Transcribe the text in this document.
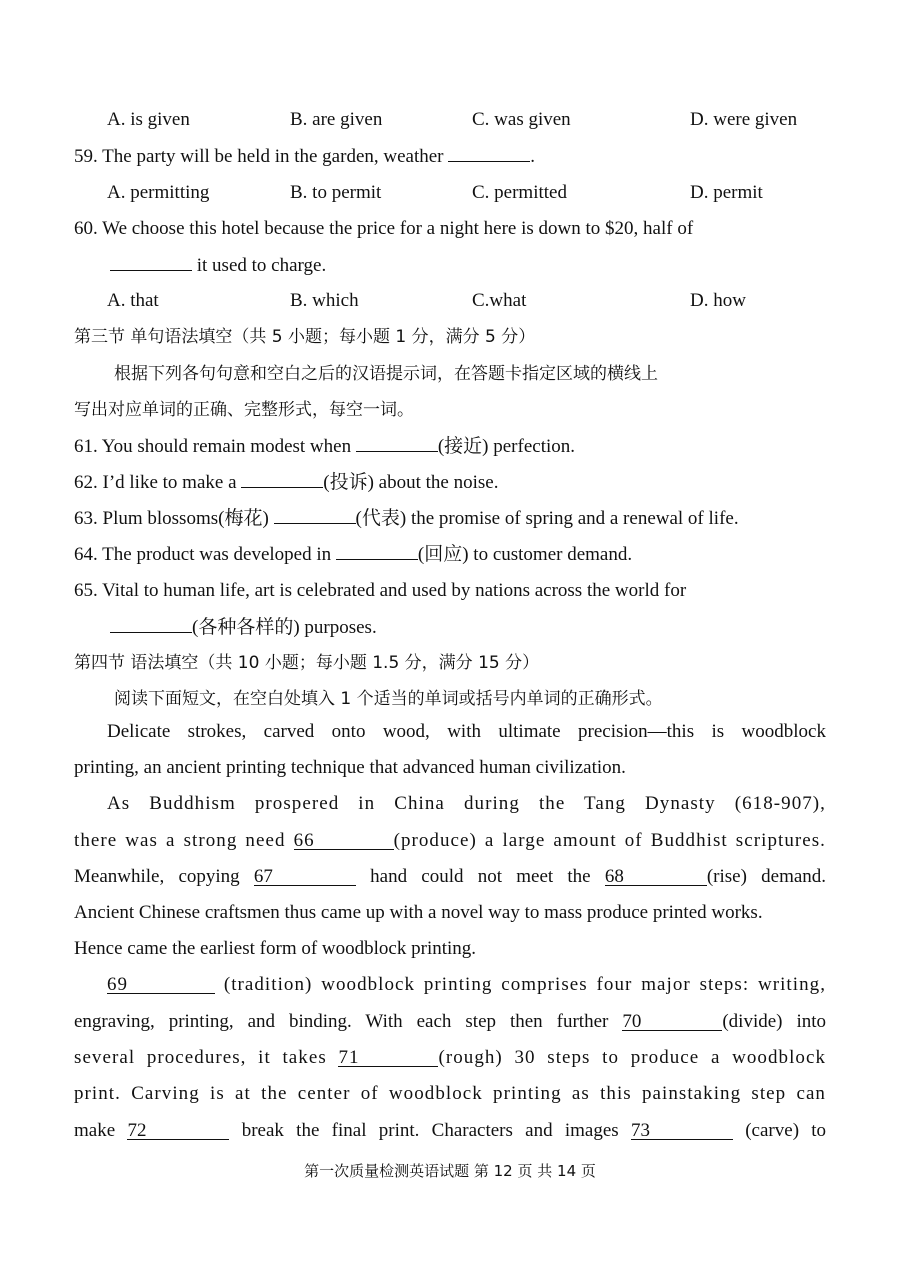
A. is given	B. are given	C. was given	D. were given
59. The party will be held in the garden, weather	.
A. permitting	B. to permit	C. permitted	D. permit
60. We choose this hotel because the price for a night here is down to $20, half of
it used to charge.
A. that	B. which	C.what	D. how
第三节 单句语法填空（共 5 小题；每小题 1 分，满分 5 分）
根据下列各句句意和空白之后的汉语提示词，在答题卡指定区域的横线上
写出对应单词的正确、完整形式，每空一词。
61. You should remain modest when	(接近) perfection.
62. I’d like to make a	(投诉) about the noise.
63. Plum blossoms(梅花)	(代表) the promise of spring and a renewal of life.
64. The product was developed in	(回应) to customer demand.
65. Vital to human life, art is celebrated and used by nations across the world for
(各种各样的) purposes.
第四节 语法填空（共 10 小题；每小题 1.5 分，满分 15 分）
阅读下面短文，在空白处填入 1 个适当的单词或括号内单词的正确形式。
Delicate strokes, carved onto wood, with ultimate precision—this is woodblock
printing, an ancient printing technique that advanced human civilization.
As Buddhism prospered in China during the Tang Dynasty (618-907),
there was a strong need 66	(produce) a large amount of Buddhist scriptures.
Meanwhile, copying 67	hand could not meet the 68	(rise) demand.
Ancient Chinese craftsmen thus came up with a novel way to mass produce printed works.
Hence came the earliest form of woodblock printing.
69	(tradition) woodblock printing comprises four major steps: writing,
engraving, printing, and binding. With each step then further 70	(divide) into
several procedures, it takes 71	(rough) 30 steps to produce a woodblock
print. Carving is at the center of woodblock printing as this painstaking step can
make 72	break the final print. Characters and images 73	(carve) to
第一次质量检测英语试题 第 12 页 共 14 页
